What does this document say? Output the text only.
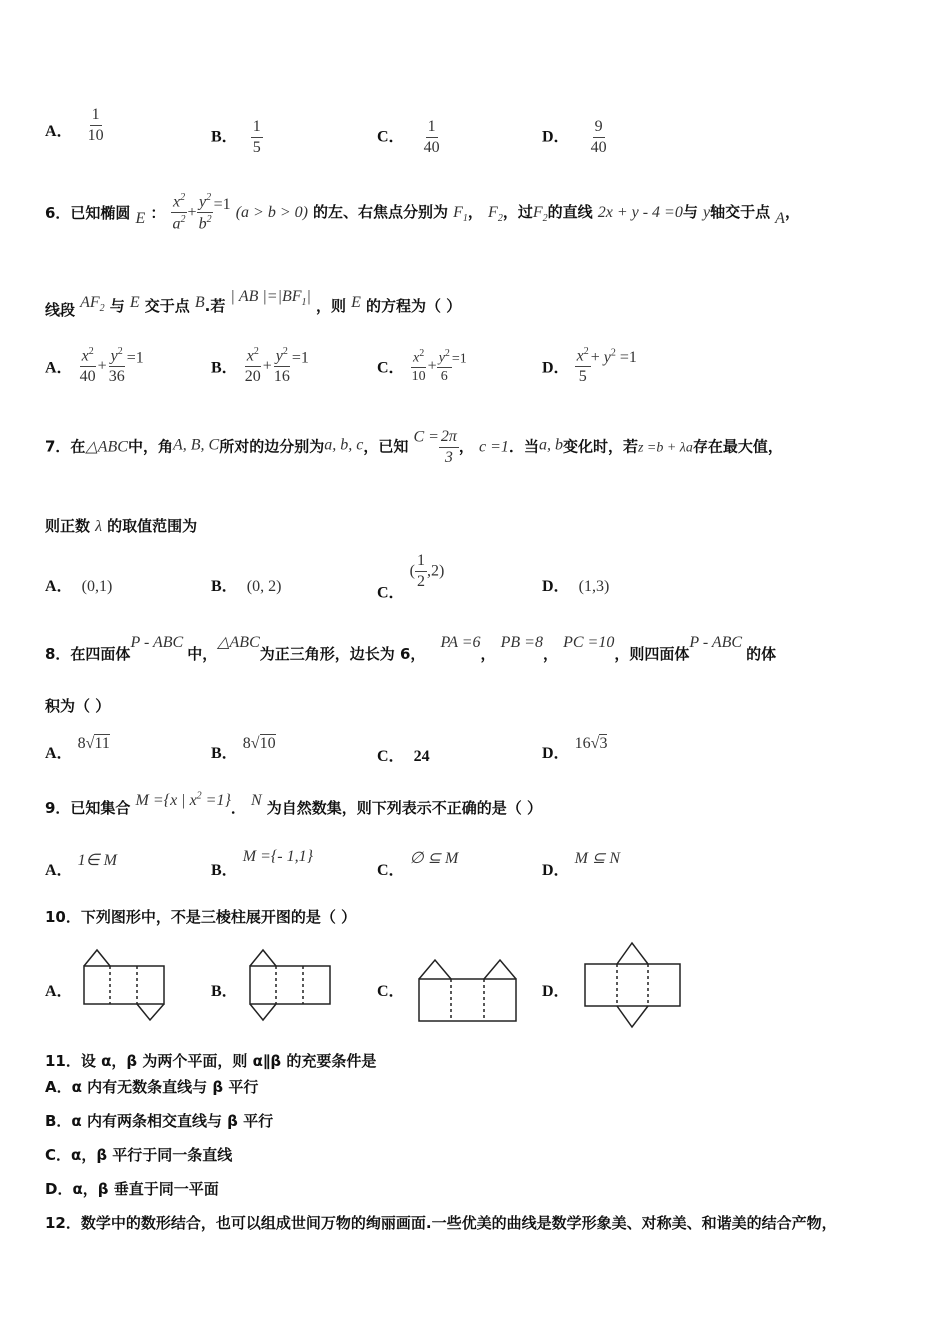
A． $\frac{1}{10}$	B． $\frac{1}{5}$	C． $\frac{1}{40}$	D． $\frac{9}{40}$
6．已知椭圆 E ： $\frac{x^2}{a^2} + \frac{y^2}{b^2} =1$ (a > b > 0) 的左、右焦点分别为 $F_1$， $F_2$，过$F_2$的直线 2x + y - 4 =0与 y轴交于点 A，
线段 $AF_2$ 与 E 交于点 B.若 | AB $|=|BF_1|$ ，则 E 的方程为（ ）
A． $\frac{x^2}{40} + \frac{y^2}{36} =1$
B． $\frac{x^2}{20} + \frac{y^2}{16} =1$
C． $\frac{x^2}{10} + \frac{y^2}{6} =1$
D． $\frac{x^2}{5} + y^2 =1$
7．在△ABC中，角A, B, C所对的边分别为a, b, c，已知 $C = \frac{2\pi}{3}$ ， c =1．当a, b变化时，若z =b + λa存在最大值，
则正数 λ 的取值范围为
A． (0,1)	B． (0, 2)	C． ( $\frac{1}{2} ,2$)
D． (1,3)
8．在四面体P - ABC中，△ABC为正三角形，边长为 6， PA =6， PB =8， PC =10，则四面体P - ABC的体
积为（ ）
A． 8√11
B． 8√10
C． 24	D． 16√3
9．已知集合 M ={x | $x^2 =1$}． N 为自然数集，则下列表示不正确的是（ ）
A． 1∈ M
B． M ={- 1,1}
C． ∅ ⊆ M
D． M ⊆ N
10．下列图形中，不是三棱柱展开图的是（ ）
A．	B．	C．	D．
11．设 α，β 为两个平面，则 α∥β 的充要条件是
A．α 内有无数条直线与 β 平行
B．α 内有两条相交直线与 β 平行
C．α，β 平行于同一条直线
D．α，β 垂直于同一平面
12．数学中的数形结合，也可以组成世间万物的绚丽画面.一些优美的曲线是数学形象美、对称美、和谐美的结合产物，
